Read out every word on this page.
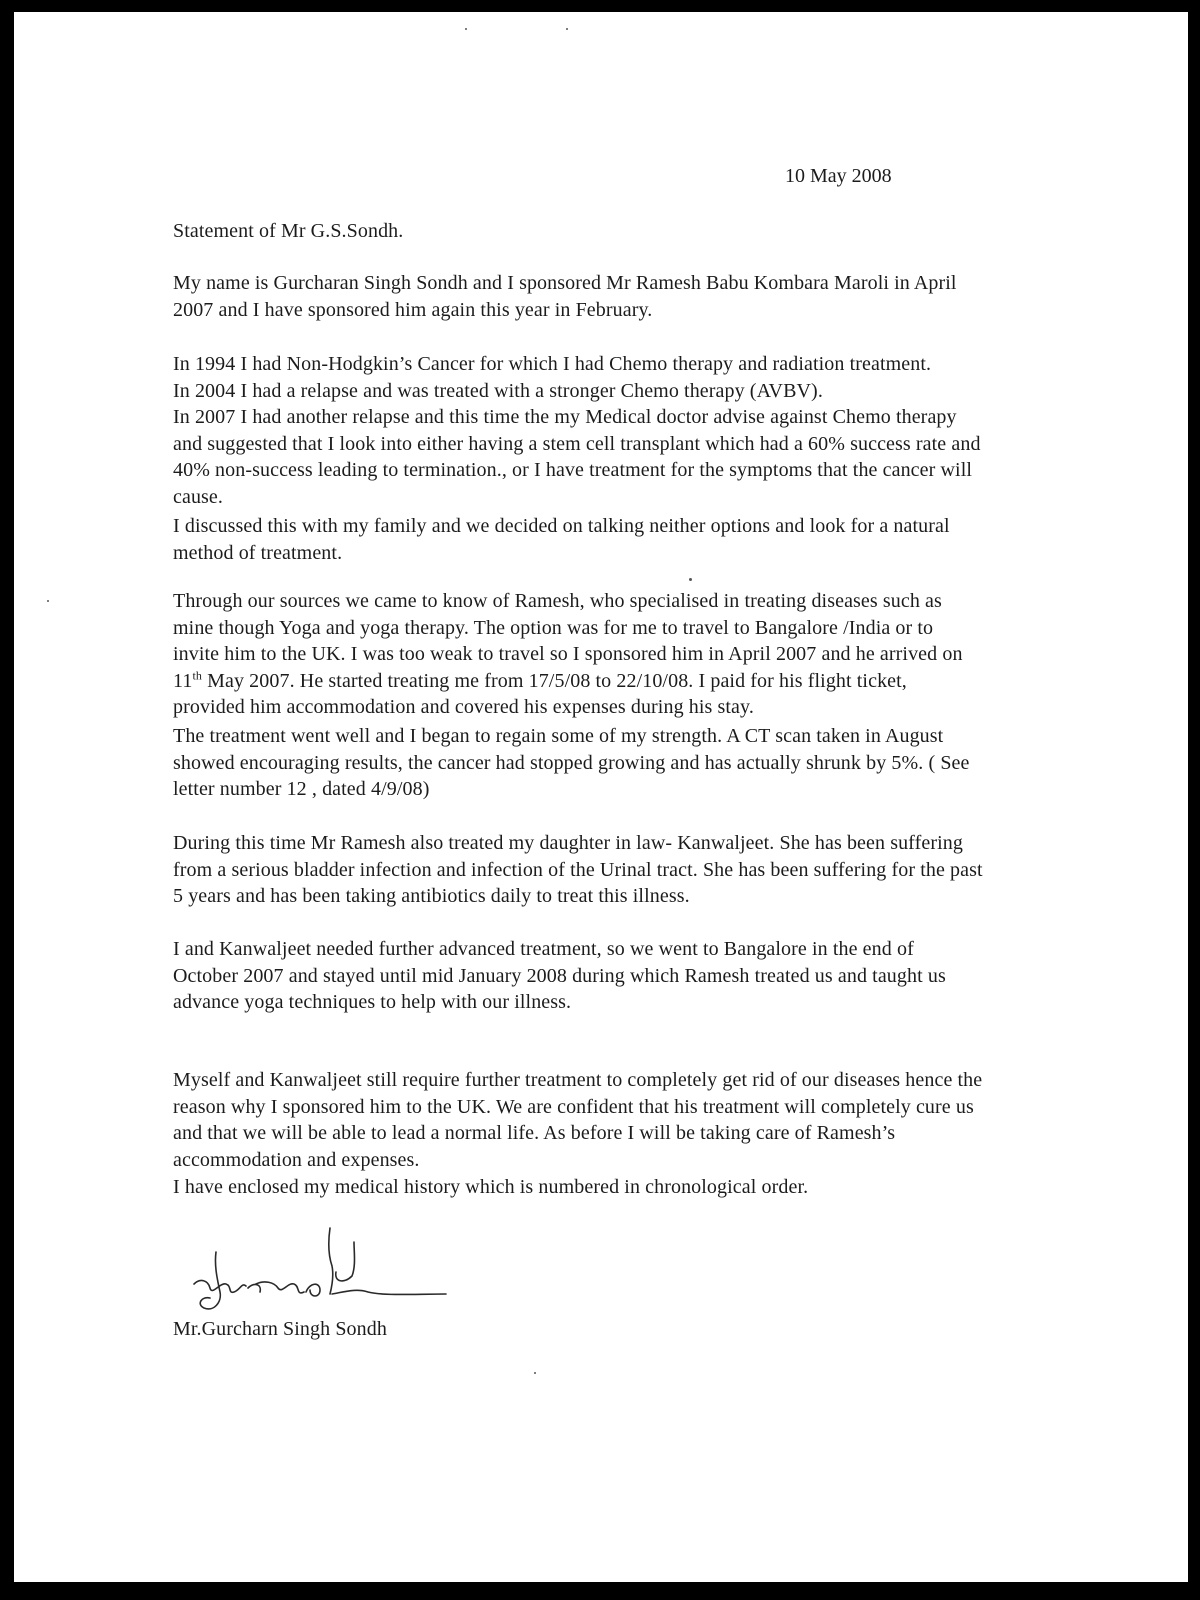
10 May 2008
Statement of Mr G.S.Sondh.

My name is Gurcharan Singh Sondh and I sponsored Mr Ramesh Babu Kombara Maroli in April
2007 and I have sponsored him again this year in February.

In 1994 I had Non-Hodgkin’s Cancer for which I had Chemo therapy and radiation treatment.
In 2004 I had a relapse and was treated with a stronger Chemo therapy (AVBV).
In 2007 I had another relapse and this time the my Medical doctor advise against Chemo therapy
and suggested that I look into either having a stem cell transplant which had a 60% success rate and
40% non-success leading to termination., or I have treatment for the symptoms that the cancer will
cause.

I discussed this with my family and we decided on talking neither options and look for a natural
method of treatment.

Through our sources we came to know of Ramesh, who specialised in treating diseases such as
mine though Yoga and yoga therapy. The option was for me to travel to Bangalore /India or to
invite him to the UK. I was too weak to travel so I sponsored him in April 2007 and he arrived on
11th May 2007. He started treating me from 17/5/08 to 22/10/08. I paid for his flight ticket,
provided him accommodation and covered his expenses during his stay.

The treatment went well and I began to regain some of my strength. A CT scan taken in August
showed encouraging results, the cancer had stopped growing and has actually shrunk by 5%. ( See
letter number 12 , dated 4/9/08)

During this time Mr Ramesh also treated my daughter in law- Kanwaljeet. She has been suffering
from a serious bladder infection and infection of the Urinal tract. She has been suffering for the past
5 years and has been taking antibiotics daily to treat this illness.

I and Kanwaljeet needed further advanced treatment, so we went to Bangalore in the end of
October 2007 and stayed until mid January 2008 during which Ramesh treated us and taught us
advance yoga techniques to help with our illness.

Myself and Kanwaljeet still require further treatment to completely get rid of our diseases hence the
reason why I sponsored him to the UK. We are confident that his treatment will completely cure us
and that we will be able to lead a normal life. As before I will be taking care of Ramesh’s
accommodation and expenses.

I have enclosed my medical history which is numbered in chronological order.

Mr.Gurcharn Singh Sondh
